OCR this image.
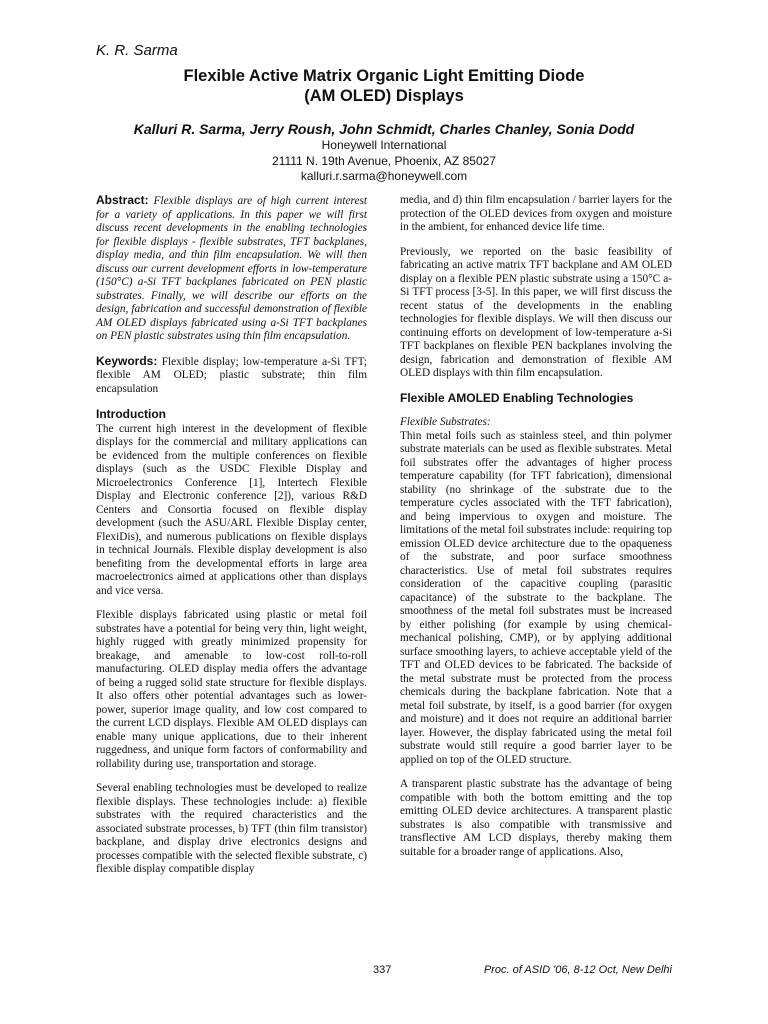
K. R. Sarma
Flexible Active Matrix Organic Light Emitting Diode
(AM OLED) Displays
Kalluri R. Sarma, Jerry Roush, John Schmidt, Charles Chanley, Sonia Dodd
Honeywell International
21111 N. 19th Avenue, Phoenix, AZ 85027
kalluri.r.sarma@honeywell.com

Abstract: Flexible displays are of high current interest for a variety of applications. In this paper we will first discuss recent developments in the enabling technologies for flexible displays - flexible substrates, TFT backplanes, display media, and thin film encapsulation. We will then discuss our current development efforts in low-temperature (150°C) a-Si TFT backplanes fabricated on PEN plastic substrates. Finally, we will describe our efforts on the design, fabrication and successful demonstration of flexible AM OLED displays fabricated using a-Si TFT backplanes on PEN plastic substrates using thin film encapsulation.

Keywords: Flexible display; low-temperature a-Si TFT; flexible AM OLED; plastic substrate; thin film encapsulation

Introduction

The current high interest in the development of flexible displays for the commercial and military applications can be evidenced from the multiple conferences on flexible displays (such as the USDC Flexible Display and Microelectronics Conference [1], Intertech Flexible Display and Electronic conference [2]), various R&D Centers and Consortia focused on flexible display development (such the ASU/ARL Flexible Display center, FlexiDis), and numerous publications on flexible displays in technical Journals. Flexible display development is also benefiting from the developmental efforts in large area macroelectronics aimed at applications other than displays and vice versa.

Flexible displays fabricated using plastic or metal foil substrates have a potential for being very thin, light weight, highly rugged with greatly minimized propensity for breakage, and amenable to low-cost roll-to-roll manufacturing. OLED display media offers the advantage of being a rugged solid state structure for flexible displays. It also offers other potential advantages such as lower-power, superior image quality, and low cost compared to the current LCD displays. Flexible AM OLED displays can enable many unique applications, due to their inherent ruggedness, and unique form factors of conformability and rollability during use, transportation and storage.

Several enabling technologies must be developed to realize flexible displays. These technologies include: a) flexible substrates with the required characteristics and the associated substrate processes, b) TFT (thin film transistor) backplane, and display drive electronics designs and processes compatible with the selected flexible substrate, c) flexible display compatible display

media, and d) thin film encapsulation / barrier layers for the protection of the OLED devices from oxygen and moisture in the ambient, for enhanced device life time.

Previously, we reported on the basic feasibility of fabricating an active matrix TFT backplane and AM OLED display on a flexible PEN plastic substrate using a 150°C a-Si TFT process [3-5]. In this paper, we will first discuss the recent status of the developments in the enabling technologies for flexible displays. We will then discuss our continuing efforts on development of low-temperature a-Si TFT backplanes on flexible PEN backplanes involving the design, fabrication and demonstration of flexible AM OLED displays with thin film encapsulation.

Flexible AMOLED Enabling Technologies

Flexible Substrates:

Thin metal foils such as stainless steel, and thin polymer substrate materials can be used as flexible substrates. Metal foil substrates offer the advantages of higher process temperature capability (for TFT fabrication), dimensional stability (no shrinkage of the substrate due to the temperature cycles associated with the TFT fabrication), and being impervious to oxygen and moisture. The limitations of the metal foil substrates include: requiring top emission OLED device architecture due to the opaqueness of the substrate, and poor surface smoothness characteristics. Use of metal foil substrates requires consideration of the capacitive coupling (parasitic capacitance) of the substrate to the backplane. The smoothness of the metal foil substrates must be increased by either polishing (for example by using chemical-mechanical polishing, CMP), or by applying additional surface smoothing layers, to achieve acceptable yield of the TFT and OLED devices to be fabricated. The backside of the metal substrate must be protected from the process chemicals during the backplane fabrication. Note that a metal foil substrate, by itself, is a good barrier (for oxygen and moisture) and it does not require an additional barrier layer. However, the display fabricated using the metal foil substrate would still require a good barrier layer to be applied on top of the OLED structure.

A transparent plastic substrate has the advantage of being compatible with both the bottom emitting and the top emitting OLED device architectures. A transparent plastic substrates is also compatible with transmissive and transflective AM LCD displays, thereby making them suitable for a broader range of applications. Also,

337	Proc. of ASID '06, 8-12 Oct, New Delhi
